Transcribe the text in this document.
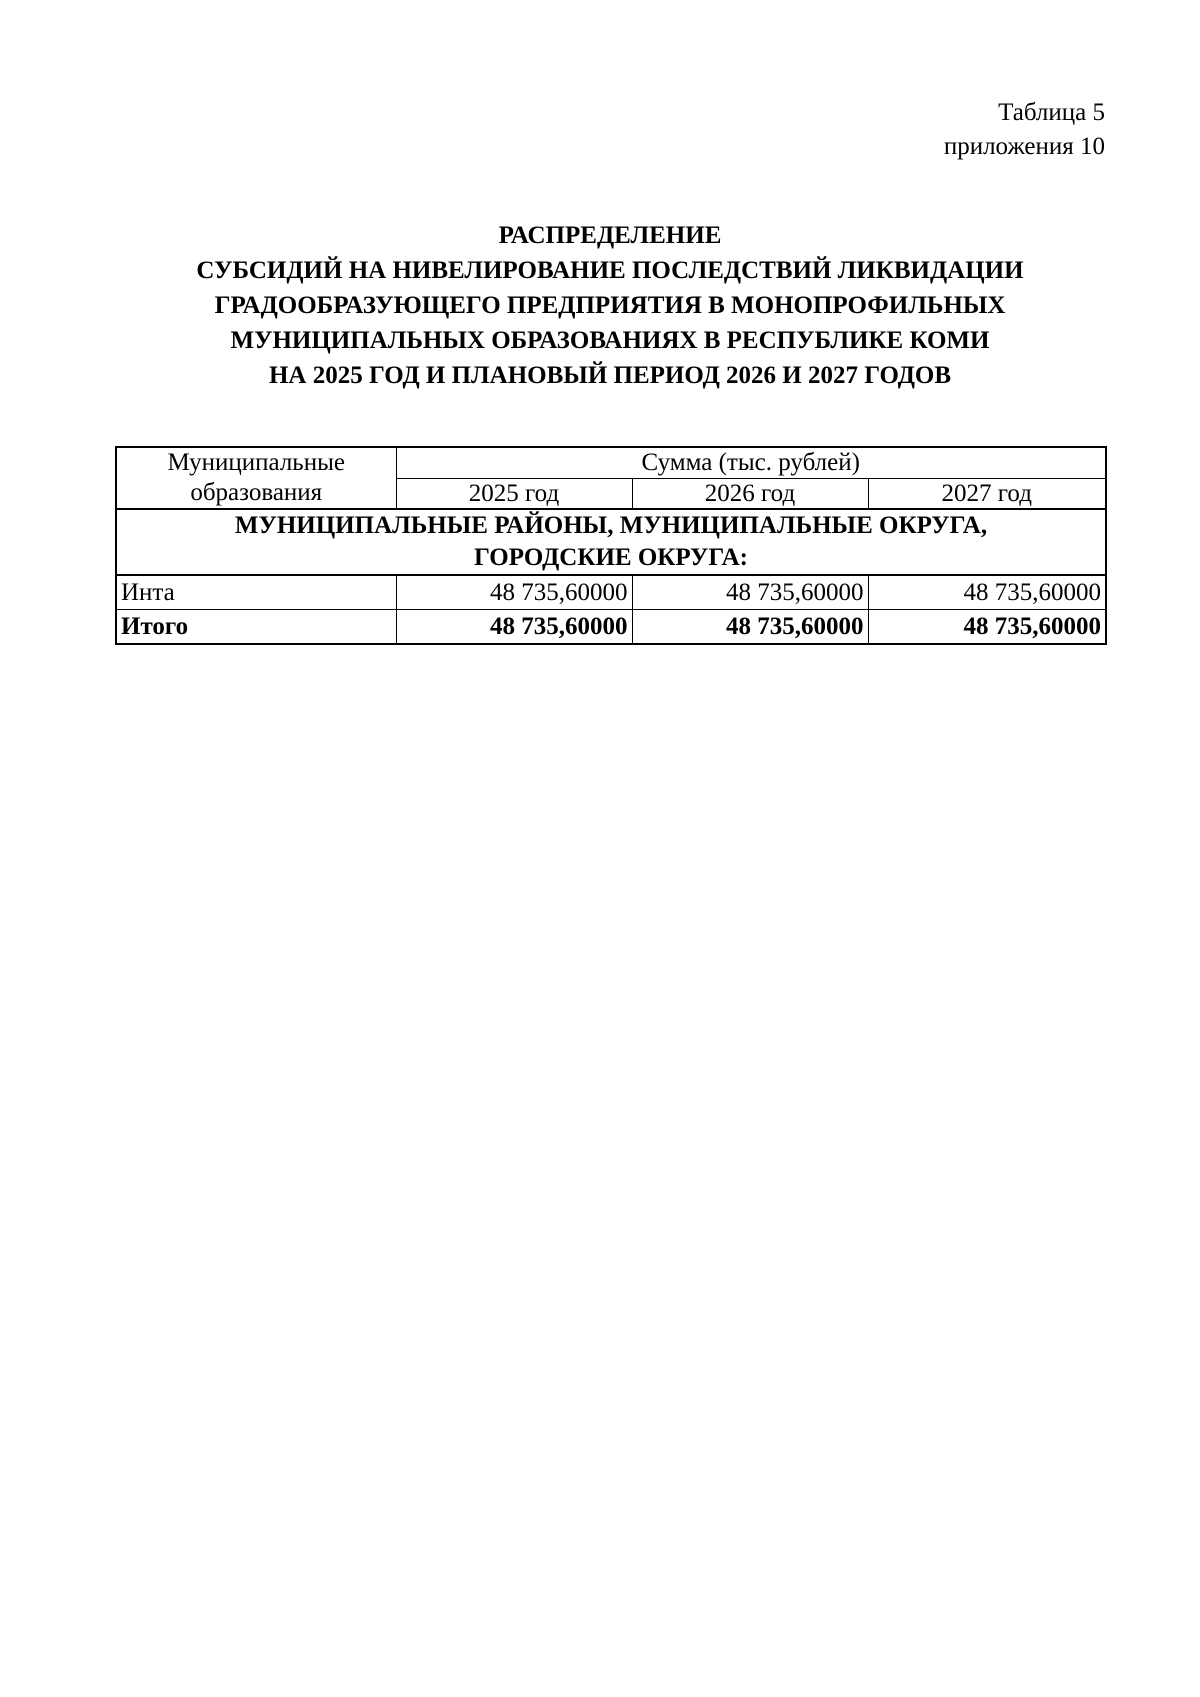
Таблица 5
приложения 10
РАСПРЕДЕЛЕНИЕ
СУБСИДИЙ НА НИВЕЛИРОВАНИЕ ПОСЛЕДСТВИЙ ЛИКВИДАЦИИ
ГРАДООБРАЗУЮЩЕГО ПРЕДПРИЯТИЯ В МОНОПРОФИЛЬНЫХ
МУНИЦИПАЛЬНЫХ ОБРАЗОВАНИЯХ В РЕСПУБЛИКЕ КОМИ
НА 2025 ГОД И ПЛАНОВЫЙ ПЕРИОД 2026 И 2027 ГОДОВ
Муниципальные
образования	Сумма (тыс. рублей)		
	2025 год	2026 год	2027 год

МУНИЦИПАЛЬНЫЕ РАЙОНЫ, МУНИЦИПАЛЬНЫЕ ОКРУГА,
ГОРОДСКИЕ ОКРУГА:			

Инта	48 735,60000	48 735,60000	48 735,60000
Итого	48 735,60000	48 735,60000	48 735,60000
